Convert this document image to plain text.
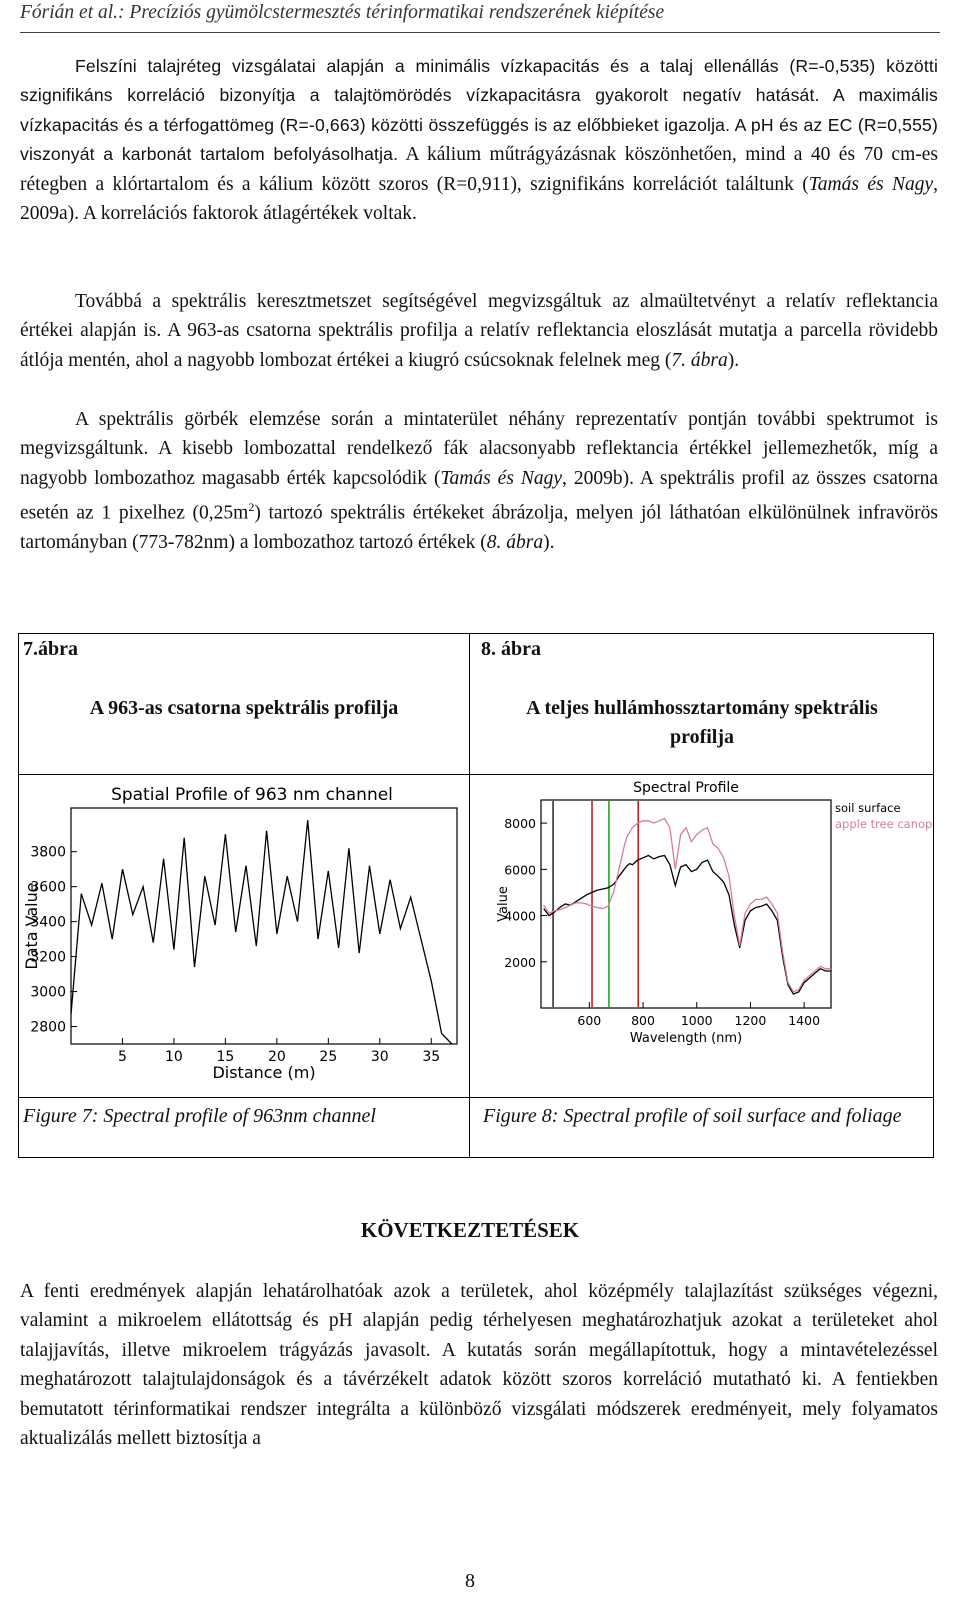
Fórián et al.: Precíziós gyümölcstermesztés térinformatikai rendszerének kiépítése

Felszíni talajréteg vizsgálatai alapján a minimális vízkapacitás és a talaj ellenállás (R=-0,535) közötti szignifikáns korreláció bizonyítja a talajtömörödés vízkapacitásra gyakorolt negatív hatását. A maximális vízkapacitás és a térfogattömeg (R=-0,663) közötti összefüggés is az előbbieket igazolja. A pH és az EC (R=0,555) viszonyát a karbonát tartalom befolyásolhatja. A kálium műtrágyázásnak köszönhetően, mind a 40 és 70 cm-es rétegben a klórtartalom és a kálium között szoros (R=0,911), szignifikáns korrelációt találtunk (Tamás és Nagy, 2009a). A korrelációs faktorok átlagértékek voltak.

Továbbá a spektrális keresztmetszet segítségével megvizsgáltuk az almaültetvényt a relatív reflektancia értékei alapján is. A 963-as csatorna spektrális profilja a relatív reflektancia eloszlását mutatja a parcella rövidebb átlója mentén, ahol a nagyobb lombozat értékei a kiugró csúcsoknak felelnek meg (7. ábra).

A spektrális görbék elemzése során a mintaterület néhány reprezentatív pontján további spektrumot is megvizsgáltunk. A kisebb lombozattal rendelkező fák alacsonyabb reflektancia értékkel jellemezhetők, míg a nagyobb lombozathoz magasabb érték kapcsolódik (Tamás és Nagy, 2009b). A spektrális profil az összes csatorna esetén az 1 pixelhez $(0,25m^2)$ tartozó spektrális értékeket ábrázolja, melyen jól láthatóan elkülönülnek infravörös tartományban (773-782nm) a lombozathoz tartozó értékek (8. ábra).

7.ábra
A 963-as csatorna spektrális profilja
8. ábra
A teljes hullámhossztartomány spektrális profilja
Spatial Profile of 963 nm channel
2800
3000
3200
3400
3600
3800
5	10 15 20 25 30 35
Distance (m)
Data Value
Spectral Profile
2000
4000
6000
8000
600 800 1000 1200 1400
Wavelength (nm)
Value
soil surface
apple tree canopy
Figure 7: Spectral profile of 963nm channel	Figure 8: Spectral profile of soil surface and foliage
KÖVETKEZTETÉSEK

A fenti eredmények alapján lehatárolhatóak azok a területek, ahol középmély talajlazítást szükséges végezni, valamint a mikroelem ellátottság és pH alapján pedig térhelyesen meghatározhatjuk azokat a területeket ahol talajjavítás, illetve mikroelem trágyázás javasolt. A kutatás során megállapítottuk, hogy a mintavételezéssel meghatározott talajtulajdonságok és a távérzékelt adatok között szoros korreláció mutatható ki. A fentiekben bemutatott térinformatikai rendszer integrálta a különböző vizsgálati módszerek eredményeit, mely folyamatos aktualizálás mellett biztosítja a

8
